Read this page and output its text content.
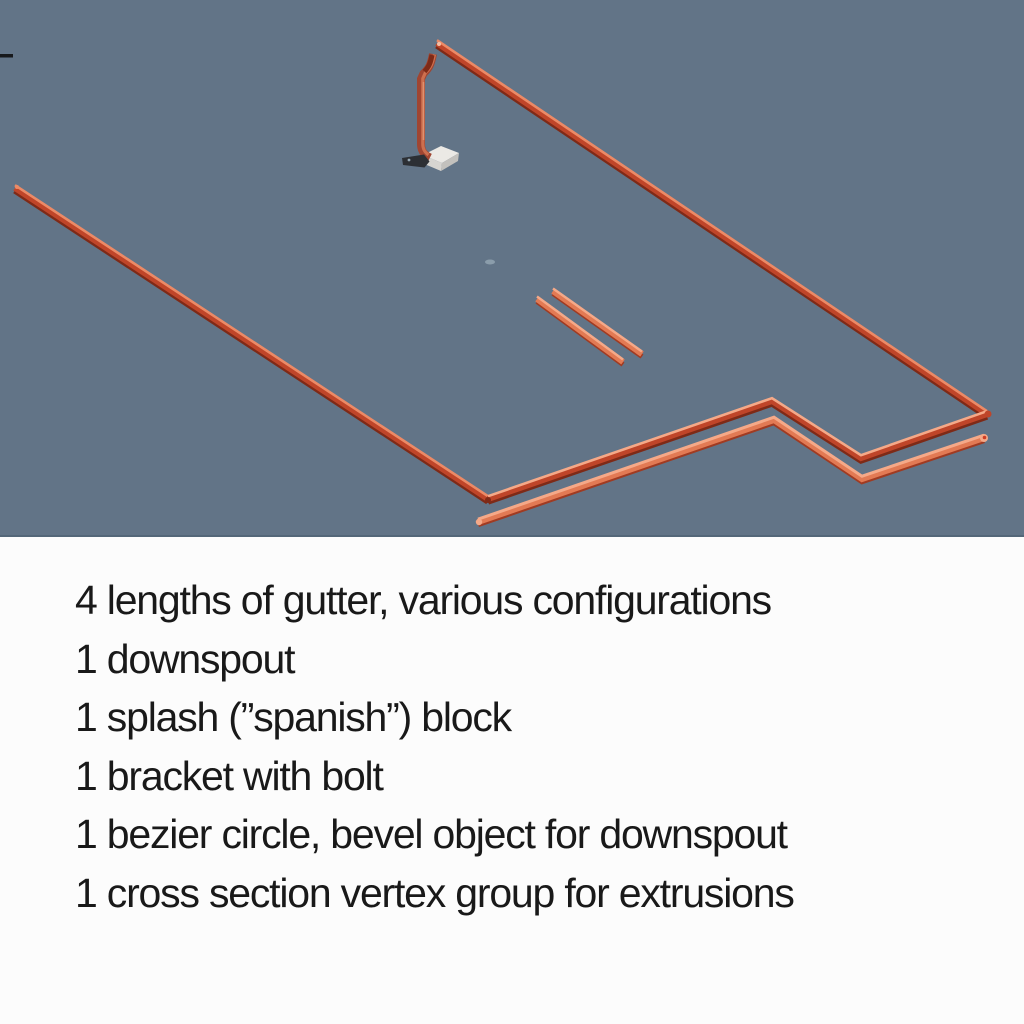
4 lengths of gutter, various configurations
1 downspout
1 splash (”spanish”) block
1 bracket with bolt
1 bezier circle, bevel object for downspout
1 cross section vertex group for extrusions
